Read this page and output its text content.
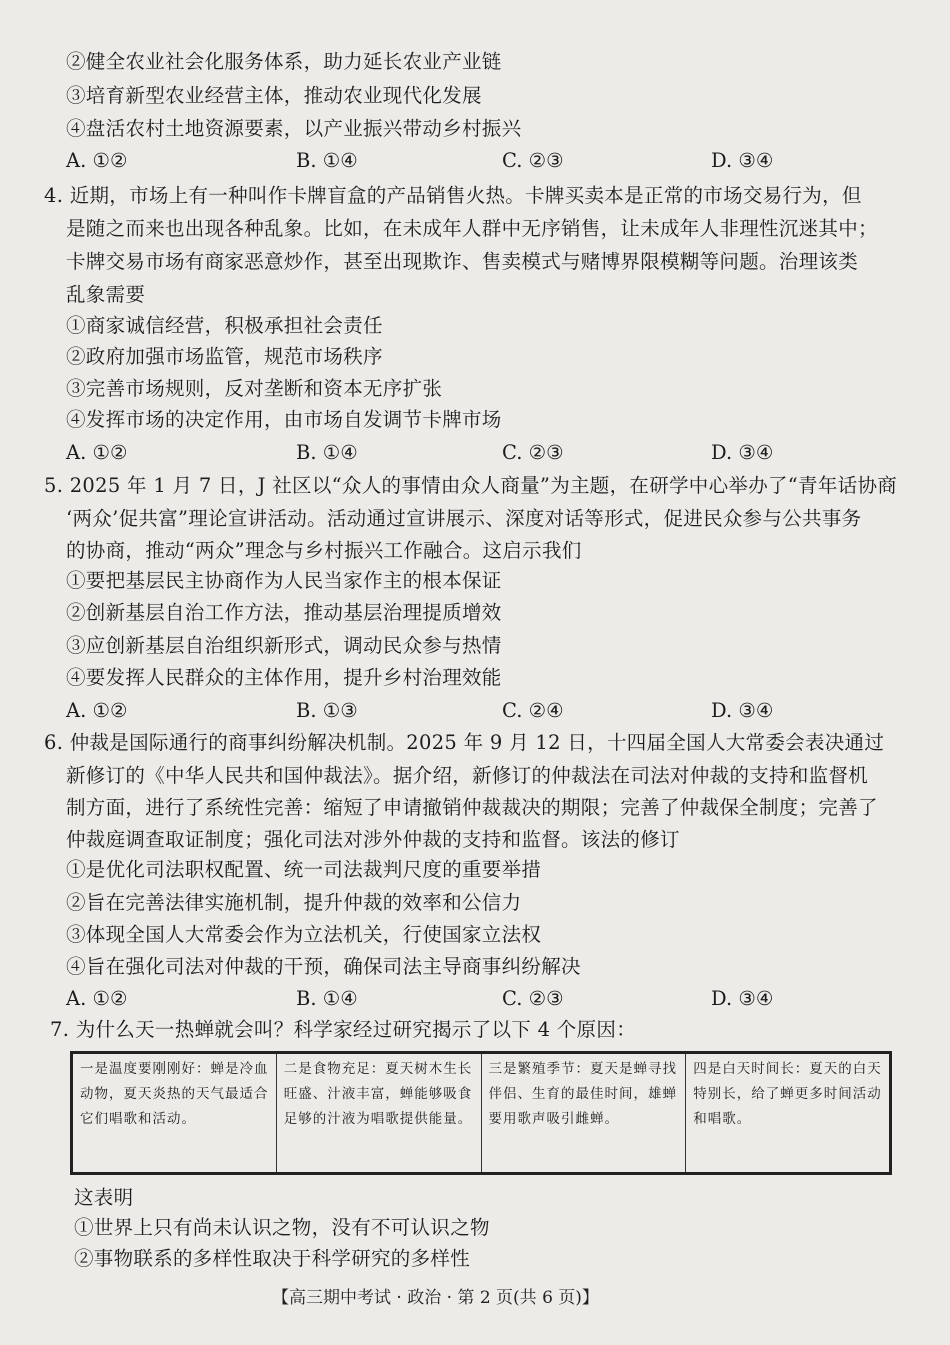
②健全农业社会化服务体系，助力延长农业产业链
③培育新型农业经营主体，推动农业现代化发展
④盘活农村土地资源要素，以产业振兴带动乡村振兴
A. ①②	B. ①④	C. ②③	D. ③④
4. 近期，市场上有一种叫作卡牌盲盒的产品销售火热。卡牌买卖本是正常的市场交易行为，但
是随之而来也出现各种乱象。比如，在未成年人群中无序销售，让未成年人非理性沉迷其中；
卡牌交易市场有商家恶意炒作，甚至出现欺诈、售卖模式与赌博界限模糊等问题。治理该类
乱象需要
①商家诚信经营，积极承担社会责任
②政府加强市场监管，规范市场秩序
③完善市场规则，反对垄断和资本无序扩张
④发挥市场的决定作用，由市场自发调节卡牌市场
A. ①②	B. ①④	C. ②③	D. ③④
5. 2025 年 1 月 7 日，J 社区以“众人的事情由众人商量”为主题，在研学中心举办了“青年话协商
‘两众’促共富”理论宣讲活动。活动通过宣讲展示、深度对话等形式，促进民众参与公共事务
的协商，推动“两众”理念与乡村振兴工作融合。这启示我们
①要把基层民主协商作为人民当家作主的根本保证
②创新基层自治工作方法，推动基层治理提质增效
③应创新基层自治组织新形式，调动民众参与热情
④要发挥人民群众的主体作用，提升乡村治理效能
A. ①②	B. ①③	C. ②④	D. ③④
6. 仲裁是国际通行的商事纠纷解决机制。2025 年 9 月 12 日，十四届全国人大常委会表决通过
新修订的《中华人民共和国仲裁法》。据介绍，新修订的仲裁法在司法对仲裁的支持和监督机
制方面，进行了系统性完善：缩短了申请撤销仲裁裁决的期限；完善了仲裁保全制度；完善了
仲裁庭调查取证制度；强化司法对涉外仲裁的支持和监督。该法的修订
①是优化司法职权配置、统一司法裁判尺度的重要举措
②旨在完善法律实施机制，提升仲裁的效率和公信力
③体现全国人大常委会作为立法机关，行使国家立法权
④旨在强化司法对仲裁的干预，确保司法主导商事纠纷解决
A. ①②	B. ①④	C. ②③	D. ③④
7. 为什么天一热蝉就会叫？科学家经过研究揭示了以下 4 个原因：
一是温度要刚刚好：蝉是冷血动物，夏天炎热的天气最适合它们唱歌和活动。	二是食物充足：夏天树木生长旺盛、汁液丰富，蝉能够吸食足够的汁液为唱歌提供能量。	三是繁殖季节：夏天是蝉寻找伴侣、生育的最佳时间，雄蝉要用歌声吸引雌蝉。	四是白天时间长：夏天的白天特别长，给了蝉更多时间活动和唱歌。
这表明
①世界上只有尚未认识之物，没有不可认识之物
②事物联系的多样性取决于科学研究的多样性
【高三期中考试 · 政治 · 第 2 页(共 6 页)】
